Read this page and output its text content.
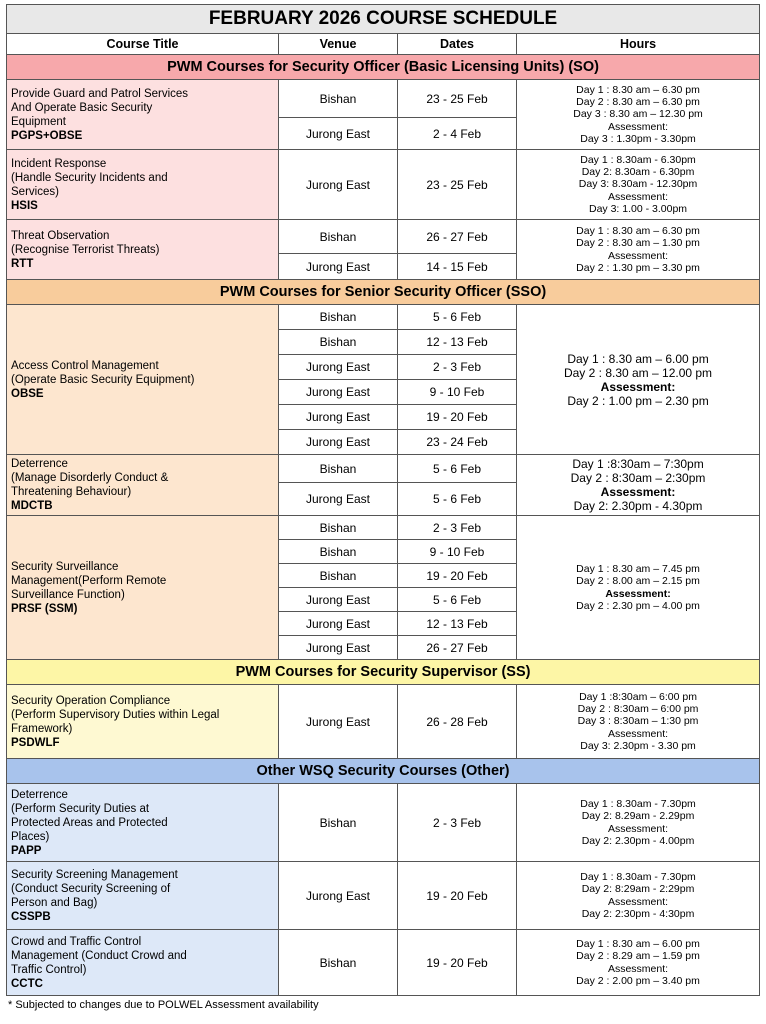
FEBRUARY 2026 COURSE SCHEDULE			
Course Title	Venue	Dates	Hours
PWM Courses for Security Officer (Basic Licensing Units) (SO)			

Provide Guard and Patrol Services
And Operate Basic Security
Equipment
PGPS+OBSE	Bishan	23 - 25 Feb	Day 1 : 8.30 am – 6.30 pm
Day 2 : 8.30 am – 6.30 pm
Day 3 : 8.30 am – 12.30 pm
Assessment:
Day 3 : 1.30pm - 3.30pm

	Jurong East	2 - 4 Feb	

Incident Response
(Handle Security Incidents and
Services)
HSIS	Jurong East	23 - 25 Feb	Day 1 : 8.30am - 6.30pm
Day 2: 8.30am - 6.30pm
Day 3: 8.30am - 12.30pm
Assessment:
Day 3: 1.00 - 3.00pm

Threat Observation
(Recognise Terrorist Threats)
RTT	Bishan	26 - 27 Feb	Day 1 : 8.30 am – 6.30 pm
Day 2 : 8.30 am – 1.30 pm
Assessment:
Day 2 : 1.30 pm – 3.30 pm

	Jurong East	14 - 15 Feb	
PWM Courses for Senior Security Officer (SSO)			

Access Control Management
(Operate Basic Security Equipment)
OBSE	Bishan	5 - 6 Feb	Day 1 : 8.30 am – 6.00 pm
Day 2 : 8.30 am – 12.00 pm
Assessment:
Day 2 : 1.00 pm – 2.30 pm

	Bishan	12 - 13 Feb	
	Jurong East	2 - 3 Feb	
	Jurong East	9 - 10 Feb	
	Jurong East	19 - 20 Feb	
	Jurong East	23 - 24 Feb	

Deterrence
(Manage Disorderly Conduct &
Threatening Behaviour)
MDCTB	Bishan	5 - 6 Feb	Day 1 :8:30am – 7:30pm
Day 2 : 8:30am – 2:30pm
Assessment:
Day 2: 2.30pm - 4.30pm

	Jurong East	5 - 6 Feb	

Security Surveillance
Management(Perform Remote
Surveillance Function)
PRSF (SSM)	Bishan	2 - 3 Feb	Day 1 : 8.30 am – 7.45 pm
Day 2 : 8.00 am – 2.15 pm
Assessment:
Day 2 : 2.30 pm – 4.00 pm

	Bishan	9 - 10 Feb	
	Bishan	19 - 20 Feb	
	Jurong East	5 - 6 Feb	
	Jurong East	12 - 13 Feb	
	Jurong East	26 - 27 Feb	
PWM Courses for Security Supervisor (SS)			

Security Operation Compliance
(Perform Supervisory Duties within Legal
Framework)
PSDWLF	Jurong East	26 - 28 Feb	Day 1 :8:30am – 6:00 pm
Day 2 : 8:30am – 6:00 pm
Day 3 : 8:30am – 1:30 pm
Assessment:
Day 3: 2.30pm - 3.30 pm

Other WSQ Security Courses (Other)			

Deterrence
(Perform Security Duties at
Protected Areas and Protected
Places)
PAPP	Bishan	2 - 3 Feb	Day 1 : 8.30am - 7.30pm
Day 2: 8.29am - 2.29pm
Assessment:
Day 2: 2.30pm - 4.00pm

Security Screening Management
(Conduct Security Screening of
Person and Bag)
CSSPB	Jurong East	19 - 20 Feb	Day 1 : 8.30am - 7.30pm
Day 2: 8:29am - 2:29pm
Assessment:
Day 2: 2:30pm - 4:30pm

Crowd and Traffic Control
Management (Conduct Crowd and
Traffic Control)
CCTC	Bishan	19 - 20 Feb	Day 1 : 8.30 am – 6.00 pm
Day 2 : 8.29 am – 1.59 pm
Assessment:
Day 2 : 2.00 pm – 3.40 pm
* Subjected to changes due to POLWEL Assessment availability
